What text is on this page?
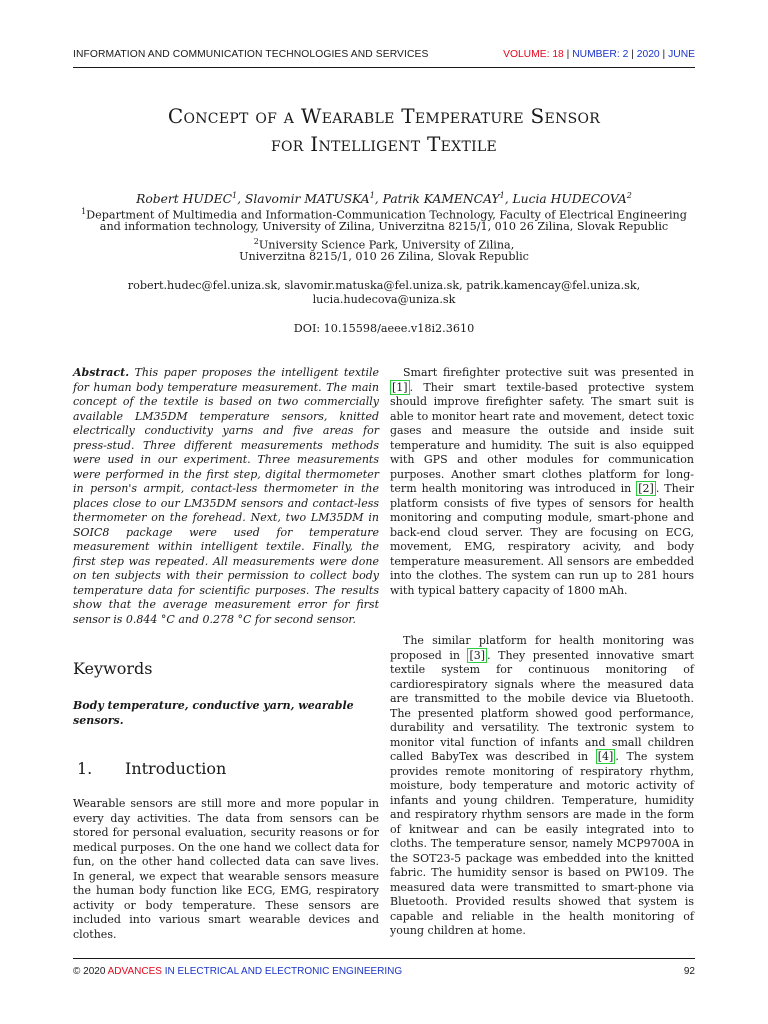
INFORMATION AND COMMUNICATION TECHNOLOGIES AND SERVICES	VOLUME: 18 | NUMBER: 2 | 2020 | JUNE
Concept of a Wearable Temperature Sensor
for Intelligent Textile
Robert HUDEC$^1$, Slavomir MATUSKA$^1$, Patrik KAMENCAY$^1$, Lucia HUDECOVA$^2$
$^1$Department of Multimedia and Information-Communication Technology, Faculty of Electrical Engineering
and information technology, University of Zilina, Univerzitna 8215/1, 010 26 Zilina, Slovak Republic
$^2$University Science Park, University of Zilina,
Univerzitna 8215/1, 010 26 Zilina, Slovak Republic
robert.hudec@fel.uniza.sk, slavomir.matuska@fel.uniza.sk, patrik.kamencay@fel.uniza.sk,
lucia.hudecova@uniza.sk
DOI: 10.15598/aeee.v18i2.3610
Abstract. This paper proposes the intelligent textile for human body temperature measurement. The main concept of the textile is based on two commercially available LM35DM temperature sensors, knitted electrically conductivity yarns and five areas for press-stud. Three different measurements methods were used in our experiment. Three measurements were performed in the first step, digital thermometer in person's armpit, contact-less thermometer in the places close to our LM35DM sensors and contact-less thermometer on the forehead. Next, two LM35DM in SOIC8 package were used for temperature measurement within intelligent textile. Finally, the first step was repeated. All measurements were done on ten subjects with their permission to collect body temperature data for scientific purposes. The results show that the average measurement error for first sensor is 0.844 °C and 0.278 °C for second sensor.
Keywords
Body temperature, conductive yarn, wearable sensors.
1. Introduction
Wearable sensors are still more and more popular in every day activities. The data from sensors can be stored for personal evaluation, security reasons or for medical purposes. On the one hand we collect data for fun, on the other hand collected data can save lives. In general, we expect that wearable sensors measure the human body function like ECG, EMG, respiratory activity or body temperature. These sensors are included into various smart wearable devices and clothes.
Smart firefighter protective suit was presented in [1] . Their smart textile-based protective system should improve firefighter safety. The smart suit is able to monitor heart rate and movement, detect toxic gases and measure the outside and inside suit temperature and humidity. The suit is also equipped with GPS and other modules for communication purposes. Another smart clothes platform for long-term health monitoring was introduced in [2] . Their platform consists of five types of sensors for health monitoring and computing module, smart-phone and back-end cloud server. They are focusing on ECG, movement, EMG, respiratory acivity, and body temperature measurement. All sensors are embedded into the clothes. The system can run up to 281 hours with typical battery capacity of 1800 mAh.
The similar platform for health monitoring was proposed in [3] . They presented innovative smart textile system for continuous monitoring of cardiorespiratory signals where the measured data are transmitted to the mobile device via Bluetooth. The presented platform showed good performance, durability and versatility. The textronic system to monitor vital function of infants and small children called BabyTex was described in [4] . The system provides remote monitoring of respiratory rhythm, moisture, body temperature and motoric activity of infants and young children. Temperature, humidity and respiratory rhythm sensors are made in the form of knitwear and can be easily integrated into to cloths. The temperature sensor, namely MCP9700A in the SOT23-5 package was embedded into the knitted fabric. The humidity sensor is based on PW109. The measured data were transmitted to smart-phone via Bluetooth. Provided results showed that system is capable and reliable in the health monitoring of young children at home.
© 2020 ADVANCES IN ELECTRICAL AND ELECTRONIC ENGINEERING	92
